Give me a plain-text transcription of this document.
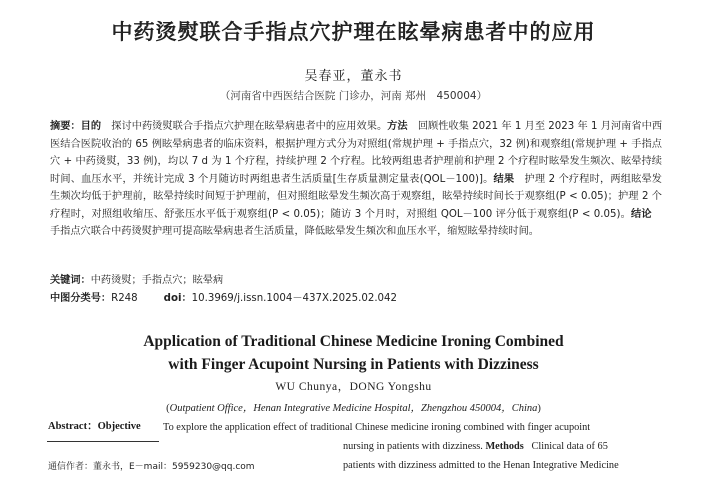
中药烫熨联合手指点穴护理在眩晕病患者中的应用
吴春亚，董永书
（河南省中西医结合医院 门诊办，河南 郑州　450004）
摘要：目的　探讨中药烫熨联合手指点穴护理在眩晕病患者中的应用效果。方法　回顾性收集 2021 年 1 月至 2023 年 1 月河南省中西医结合医院收治的 65 例眩晕病患者的临床资料，根据护理方式分为对照组(常规护理 + 手指点穴，32 例)和观察组(常规护理 + 手指点穴 + 中药烫熨，33 例)，均以 7 d 为 1 个疗程，持续护理 2 个疗程。比较两组患者护理前和护理 2 个疗程时眩晕发生频次、眩晕持续时间、血压水平，并统计完成 3 个月随访时两组患者生活质量[生存质量测定量表(QOL－100)]。结果　护理 2 个疗程时，两组眩晕发生频次均低于护理前，眩晕持续时间短于护理前，但对照组眩晕发生频次高于观察组，眩晕持续时间长于观察组(P < 0.05)；护理 2 个疗程时，对照组收缩压、舒张压水平低于观察组(P < 0.05)；随访 3 个月时，对照组 QOL－100 评分低于观察组(P < 0.05)。结论　手指点穴联合中药烫熨护理可提高眩晕病患者生活质量，降低眩晕发生频次和血压水平，缩短眩晕持续时间。
关键词：中药烫熨；手指点穴；眩晕病
中图分类号：R248	doi：10.3969/j.issn.1004－437X.2025.02.042
Application of Traditional Chinese Medicine Ironing Combined
with Finger Acupoint Nursing in Patients with Dizziness
WU Chunya，DONG Yongshu
(Outpatient Office，Henan Integrative Medicine Hospital，Zhengzhou 450004，China)
Abstract：Objective To explore the application effect of traditional Chinese medicine ironing combined with finger acupoint
nursing in patients with dizziness. Methods Clinical data of 65
patients with dizziness admitted to the Henan Integrative Medicine
通信作者：董永书，E－mail：5959230@qq.com
